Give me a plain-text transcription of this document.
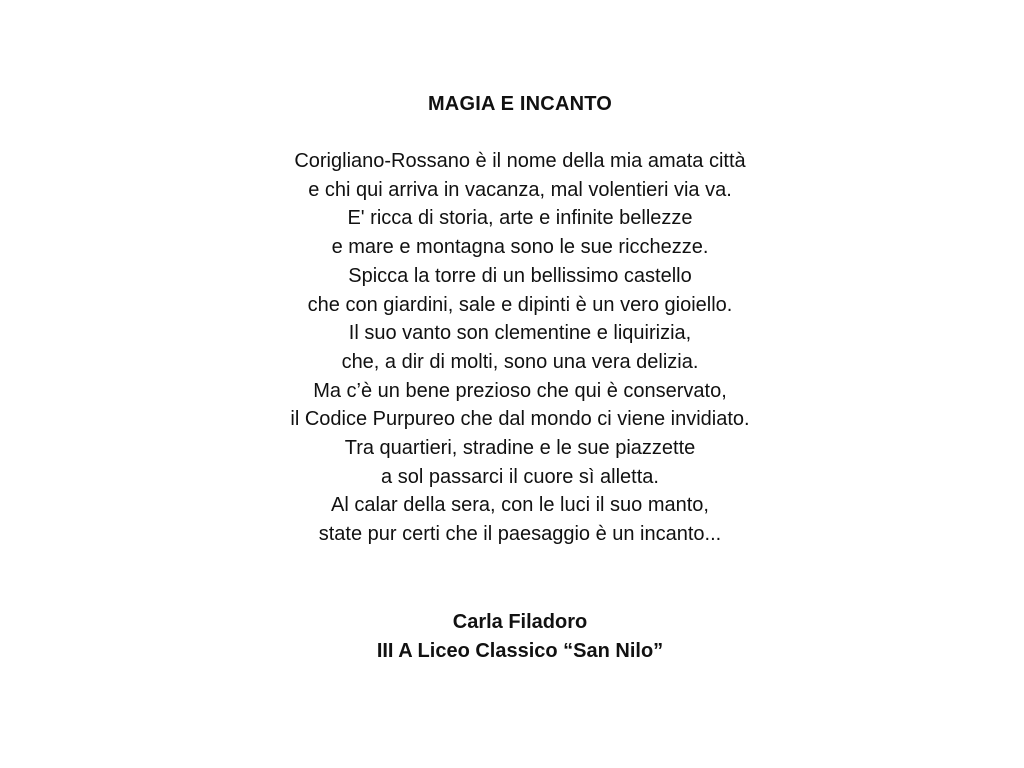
MAGIA E INCANTO
Corigliano-Rossano è il nome della mia amata città
e chi qui arriva in vacanza, mal volentieri via va.
E' ricca di storia, arte e infinite bellezze
e mare e montagna sono le sue ricchezze.
Spicca la torre di un bellissimo castello
che con giardini, sale e dipinti è un vero gioiello.
Il suo vanto son clementine e liquirizia,
che, a dir di molti, sono una vera delizia.
Ma c’è un bene prezioso che qui è conservato,
il Codice Purpureo che dal mondo ci viene invidiato.
Tra quartieri, stradine e le sue piazzette
a sol passarci il cuore sì alletta.
Al calar della sera, con le luci il suo manto,
state pur certi che il paesaggio è un incanto...
Carla Filadoro
III A Liceo Classico “San Nilo”
